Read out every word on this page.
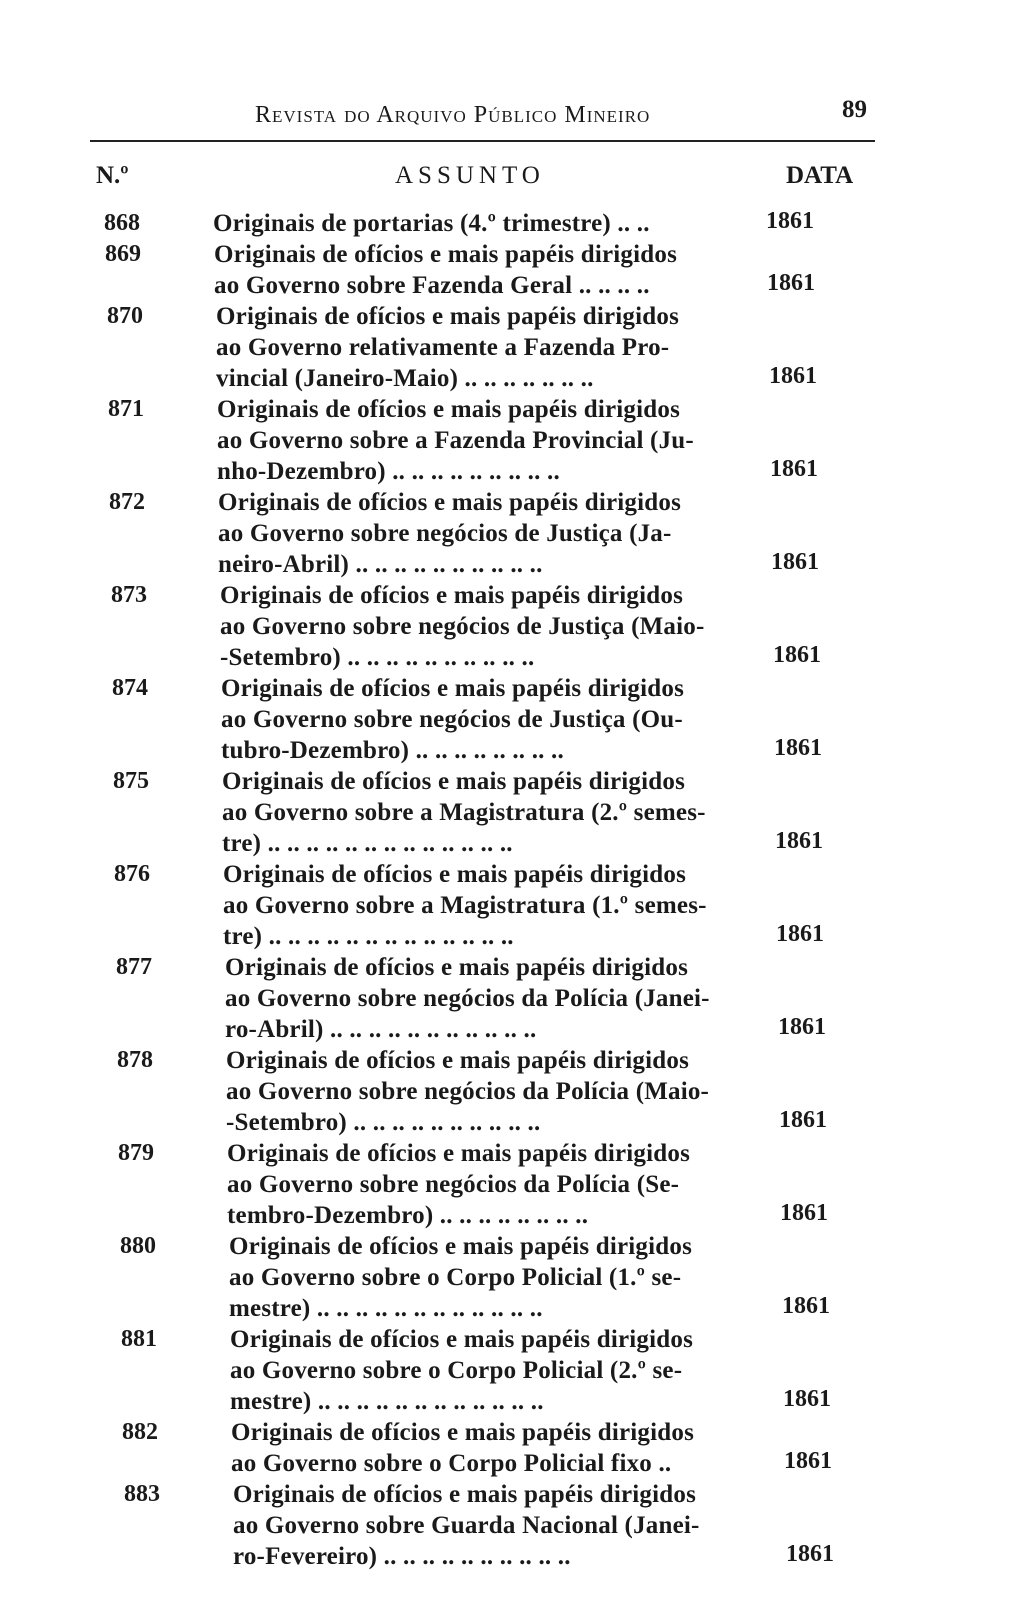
Revista do Arquivo Público Mineiro	89
N.º	ASSUNTO	DATA
868	Originais de portarias (4.º trimestre) .. ..	1861
869	Originais de ofícios e mais papéis dirigidos
ao Governo sobre Fazenda Geral .. .. .. ..	1861
870	Originais de ofícios e mais papéis dirigidos
ao Governo relativamente a Fazenda Pro-
vincial (Janeiro-Maio) .. .. .. .. .. .. ..	1861
871	Originais de ofícios e mais papéis dirigidos
ao Governo sobre a Fazenda Provincial (Ju-
nho-Dezembro) .. .. .. .. .. .. .. .. ..	1861
872	Originais de ofícios e mais papéis dirigidos
ao Governo sobre negócios de Justiça (Ja-
neiro-Abril) .. .. .. .. .. .. .. .. .. ..	1861
873	Originais de ofícios e mais papéis dirigidos
ao Governo sobre negócios de Justiça (Maio-
-Setembro) .. .. .. .. .. .. .. .. .. ..	1861
874	Originais de ofícios e mais papéis dirigidos
ao Governo sobre negócios de Justiça (Ou-
tubro-Dezembro) .. .. .. .. .. .. .. ..	1861
875	Originais de ofícios e mais papéis dirigidos
ao Governo sobre a Magistratura (2.º semes-
tre) .. .. .. .. .. .. .. .. .. .. .. .. ..	1861
876	Originais de ofícios e mais papéis dirigidos
ao Governo sobre a Magistratura (1.º semes-
tre) .. .. .. .. .. .. .. .. .. .. .. .. ..	1861
877	Originais de ofícios e mais papéis dirigidos
ao Governo sobre negócios da Polícia (Janei-
ro-Abril) .. .. .. .. .. .. .. .. .. .. ..	1861
878	Originais de ofícios e mais papéis dirigidos
ao Governo sobre negócios da Polícia (Maio-
-Setembro) .. .. .. .. .. .. .. .. .. ..	1861
879	Originais de ofícios e mais papéis dirigidos
ao Governo sobre negócios da Polícia (Se-
tembro-Dezembro) .. .. .. .. .. .. .. ..	1861
880	Originais de ofícios e mais papéis dirigidos
ao Governo sobre o Corpo Policial (1.º se-
mestre) .. .. .. .. .. .. .. .. .. .. .. ..	1861
881	Originais de ofícios e mais papéis dirigidos
ao Governo sobre o Corpo Policial (2.º se-
mestre) .. .. .. .. .. .. .. .. .. .. .. ..	1861
882	Originais de ofícios e mais papéis dirigidos
ao Governo sobre o Corpo Policial fixo ..	1861
883	Originais de ofícios e mais papéis dirigidos
ao Governo sobre Guarda Nacional (Janei-
ro-Fevereiro) .. .. .. .. .. .. .. .. .. ..	1861
